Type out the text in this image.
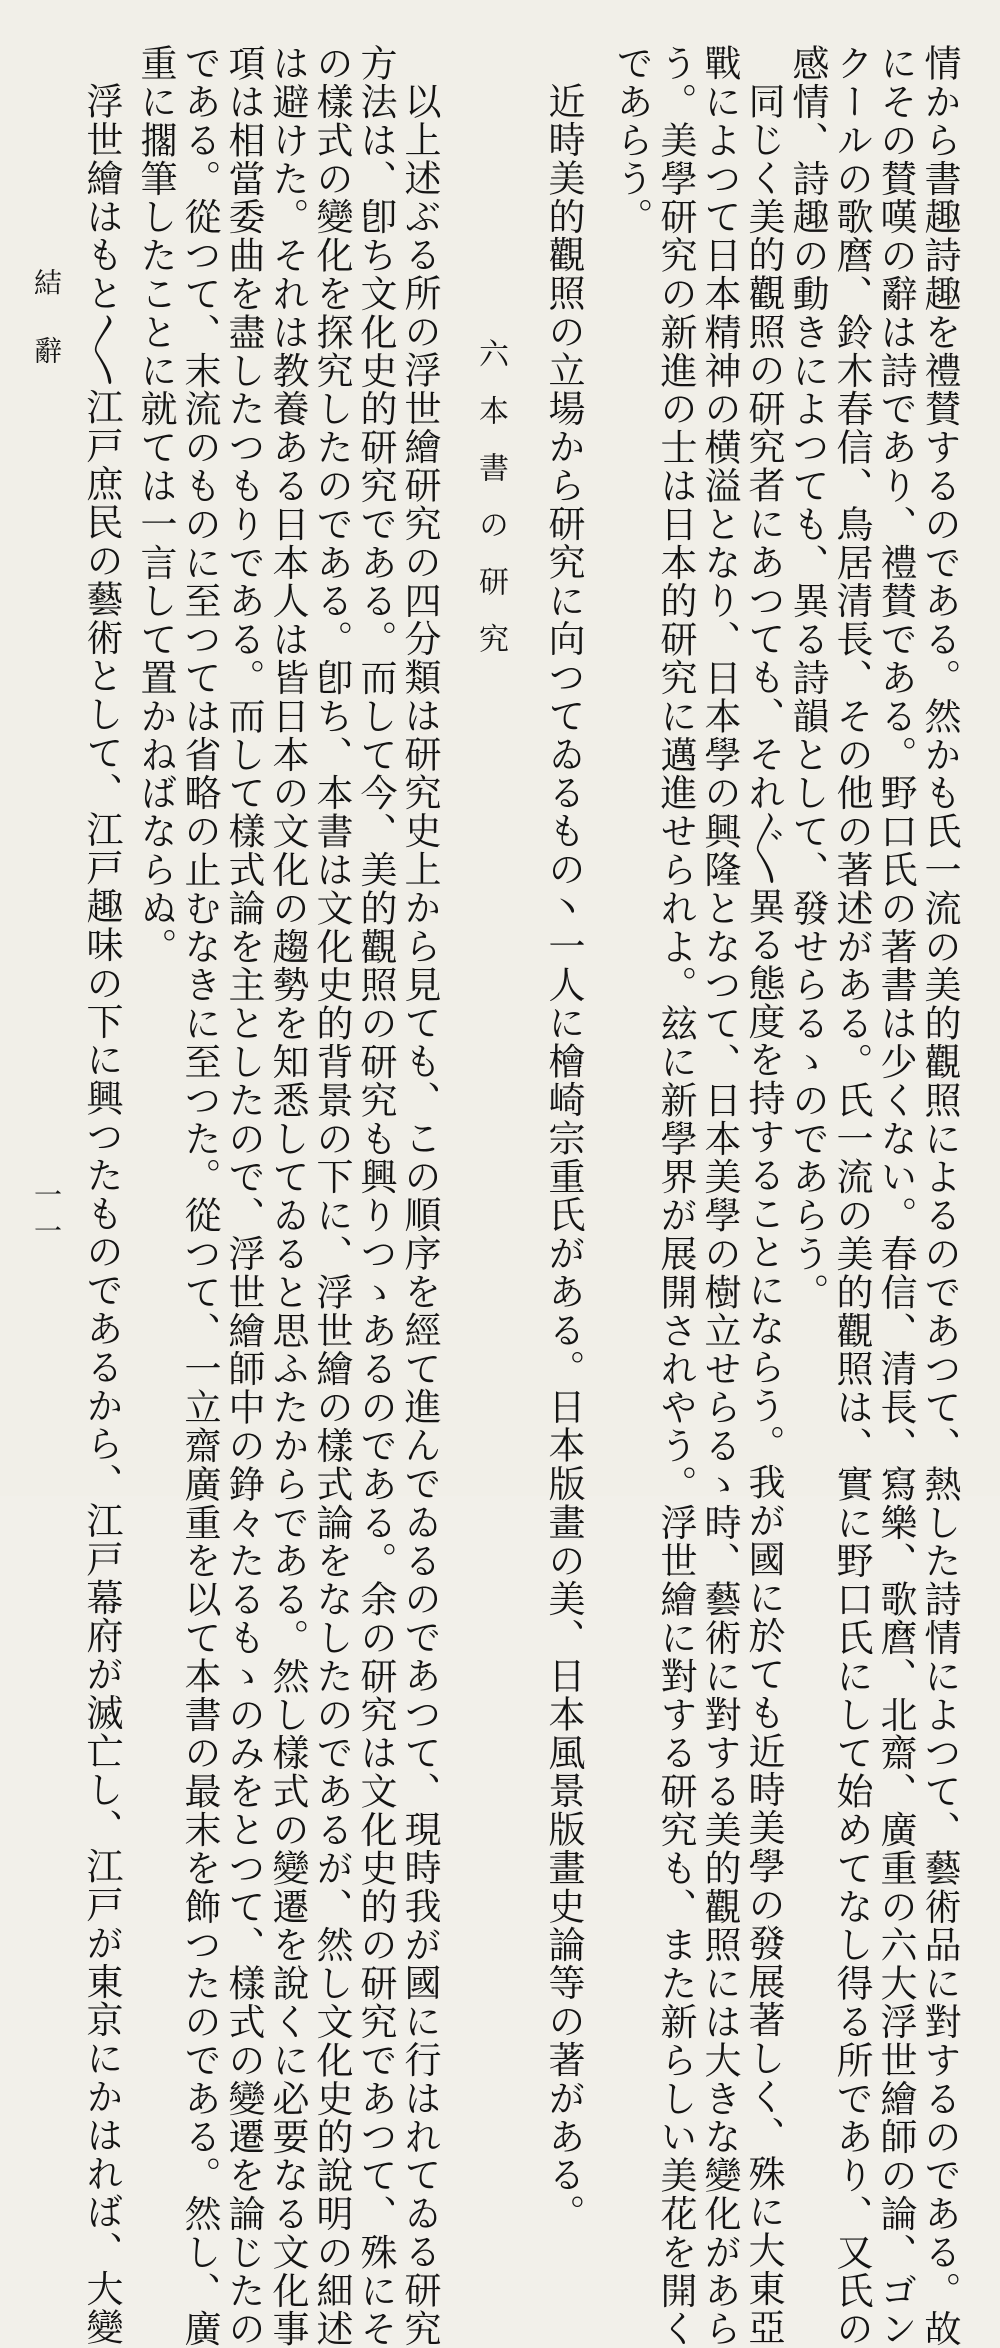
情から書趣詩趣を禮賛するのである。然かも氏一流の美的觀照によるのであつて、熱した詩情によつて、藝術品に對するのである。故
にその賛嘆の辭は詩であり、禮賛である。野口氏の著書は少くない。春信、清長、寫樂、歌麿、北齋、廣重の六大浮世繪師の論、ゴン
クールの歌麿、鈴木春信、鳥居清長、その他の著述がある。氏一流の美的觀照は、實に野口氏にして始めてなし得る所であり、又氏の
感情、詩趣の動きによつても、異る詩韻として、發せらるゝのであらう。
同じく美的觀照の研究者にあつても、それ〴〵異る態度を持することにならう。我が國に於ても近時美學の發展著しく、殊に大東亞
戰によつて日本精神の横溢となり、日本學の興隆となつて、日本美學の樹立せらるゝ時、藝術に對する美的觀照には大きな變化があら
う。美學研究の新進の士は日本的研究に邁進せられよ。玆に新學界が展開されやう。浮世繪に對する研究も、また新らしい美花を開く
であらう。
近時美的觀照の立場から研究に向つてゐるもの丶一人に檜崎宗重氏がある。日本版畫の美、日本風景版畫史論等の著がある。
六本書の研究
以上述ぶる所の浮世繪研究の四分類は研究史上から見ても、この順序を經て進んでゐるのであつて、現時我が國に行はれてゐる研究
方法は、卽ち文化史的研究である。而して今、美的觀照の研究も興りつゝあるのである。余の研究は文化史的の研究であつて、殊にそ
の樣式の變化を探究したのである。卽ち、本書は文化史的背景の下に、浮世繪の樣式論をなしたのであるが、然し文化史的說明の細述
は避けた。それは教養ある日本人は皆日本の文化の趨勢を知悉してゐると思ふたからである。然し樣式の變遷を說くに必要なる文化事
項は相當委曲を盡したつもりである。而して樣式論を主としたので、浮世繪師中の錚々たるもゝのみをとつて、樣式の變遷を論じたの
である。從つて、末流のものに至つては省略の止むなきに至つた。從つて、一立齋廣重を以て本書の最末を飾つたのである。然し、廣
重に擱筆したことに就ては一言して置かねばならぬ。
浮世繪はもと〳〵江戸庶民の藝術として、江戸趣味の下に興つたものであるから、江戸幕府が滅亡し、江戸が東京にかはれば、大變
結辭
一一
